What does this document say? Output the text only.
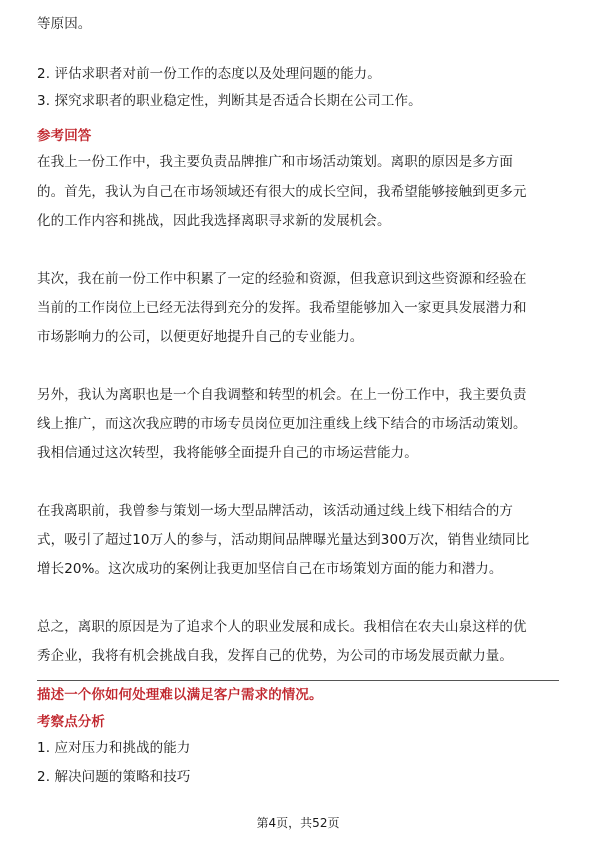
等原因。
2. 评估求职者对前一份工作的态度以及处理问题的能力。
3. 探究求职者的职业稳定性，判断其是否适合长期在公司工作。
参考回答
在我上一份工作中，我主要负责品牌推广和市场活动策划。离职的原因是多方面
的。首先，我认为自己在市场领域还有很大的成长空间，我希望能够接触到更多元
化的工作内容和挑战，因此我选择离职寻求新的发展机会。
其次，我在前一份工作中积累了一定的经验和资源，但我意识到这些资源和经验在
当前的工作岗位上已经无法得到充分的发挥。我希望能够加入一家更具发展潜力和
市场影响力的公司，以便更好地提升自己的专业能力。
另外，我认为离职也是一个自我调整和转型的机会。在上一份工作中，我主要负责
线上推广，而这次我应聘的市场专员岗位更加注重线上线下结合的市场活动策划。
我相信通过这次转型，我将能够全面提升自己的市场运营能力。
在我离职前，我曾参与策划一场大型品牌活动，该活动通过线上线下相结合的方
式，吸引了超过10万人的参与，活动期间品牌曝光量达到300万次，销售业绩同比
增长20%。这次成功的案例让我更加坚信自己在市场策划方面的能力和潜力。
总之，离职的原因是为了追求个人的职业发展和成长。我相信在农夫山泉这样的优
秀企业，我将有机会挑战自我，发挥自己的优势，为公司的市场发展贡献力量。
描述一个你如何处理难以满足客户需求的情况。
考察点分析
1. 应对压力和挑战的能力
2. 解决问题的策略和技巧
第4页，共52页
